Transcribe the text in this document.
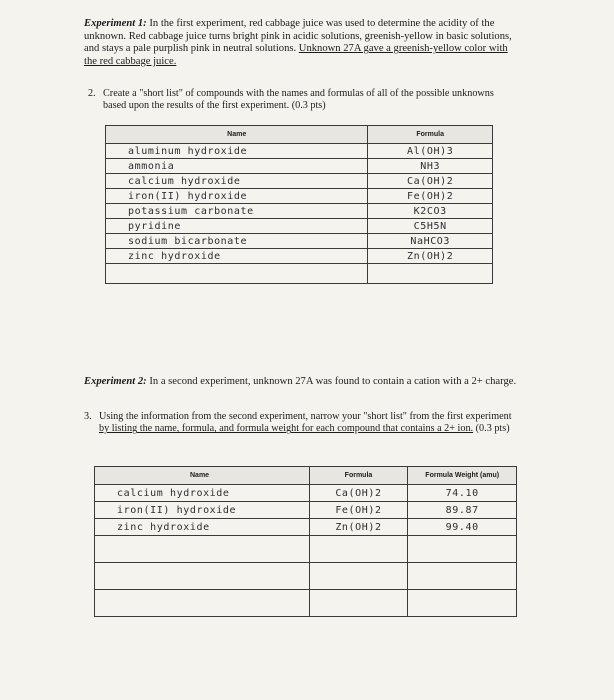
Experiment 1: In the first experiment, red cabbage juice was used to determine the acidity of the unknown. Red cabbage juice turns bright pink in acidic solutions, greenish-yellow in basic solutions, and stays a pale purplish pink in neutral solutions. Unknown 27A gave a greenish-yellow color with the red cabbage juice.
2. Create a "short list" of compounds with the names and formulas of all of the possible unknowns based upon the results of the first experiment. (0.3 pts)
Name	Formula
aluminum hydroxide	Al(OH)3
ammonia	NH3
calcium hydroxide	Ca(OH)2
iron(II) hydroxide	Fe(OH)2
potassium carbonate	K2CO3
pyridine	C5H5N
sodium bicarbonate	NaHCO3
zinc hydroxide	Zn(OH)2

Experiment 2: In a second experiment, unknown 27A was found to contain a cation with a 2+ charge.
3. Using the information from the second experiment, narrow your "short list" from the first experiment by listing the name, formula, and formula weight for each compound that contains a 2+ ion. (0.3 pts)
Name	Formula	Formula Weight (amu)
calcium hydroxide	Ca(OH)2	74.10
iron(II) hydroxide	Fe(OH)2	89.87
zinc hydroxide	Zn(OH)2	99.40
